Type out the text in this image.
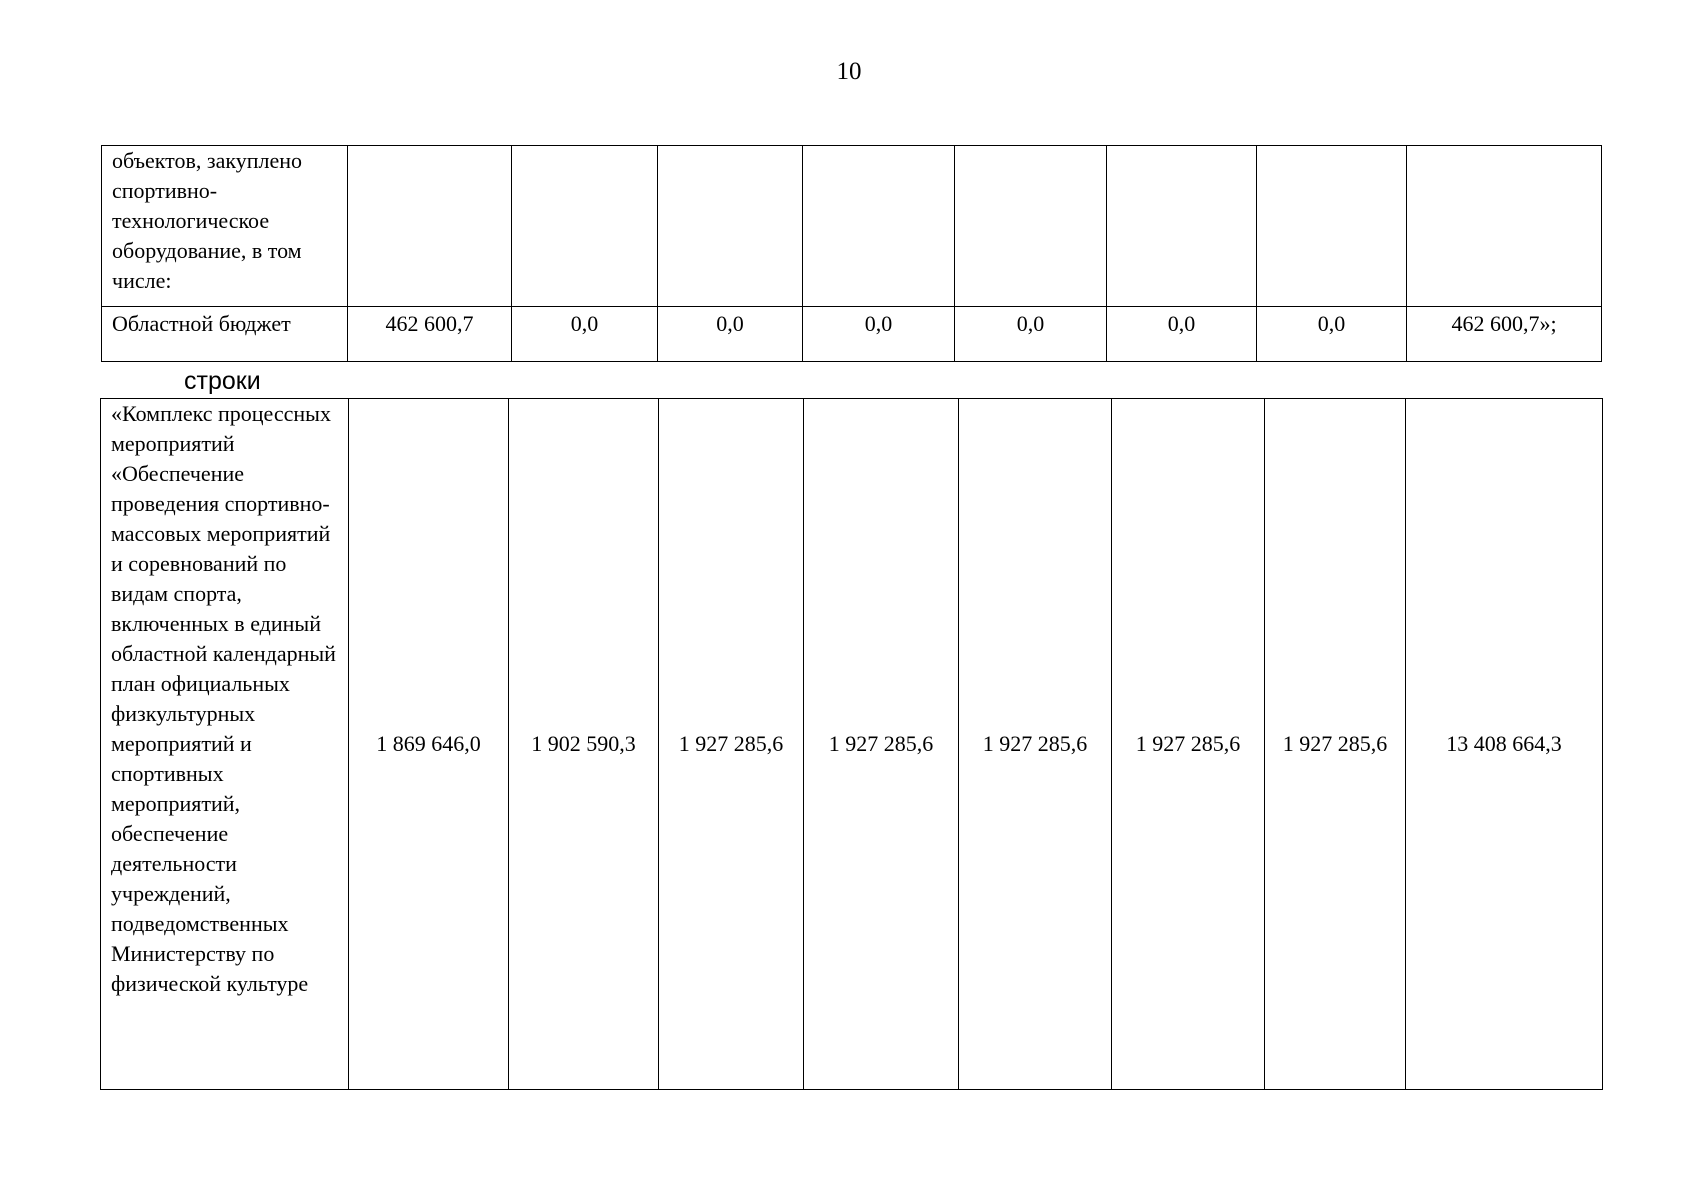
10
объектов, закуплено спортивно-технологическое оборудование, в том числе:								
Областной бюджет	462 600,7	0,0	0,0	0,0	0,0	0,0	0,0	462 600,7»;
строки
«Комплекс процессных мероприятий «Обеспечение проведения спортивно-массовых мероприятий и соревнований по видам спорта, включенных в единый областной календарный план официальных физкультурных мероприятий и спортивных мероприятий, обеспечение деятельности учреждений, подведомственных Министерству по физической культуре	1 869 646,0	1 902 590,3	1 927 285,6	1 927 285,6	1 927 285,6	1 927 285,6	1 927 285,6	13 408 664,3
